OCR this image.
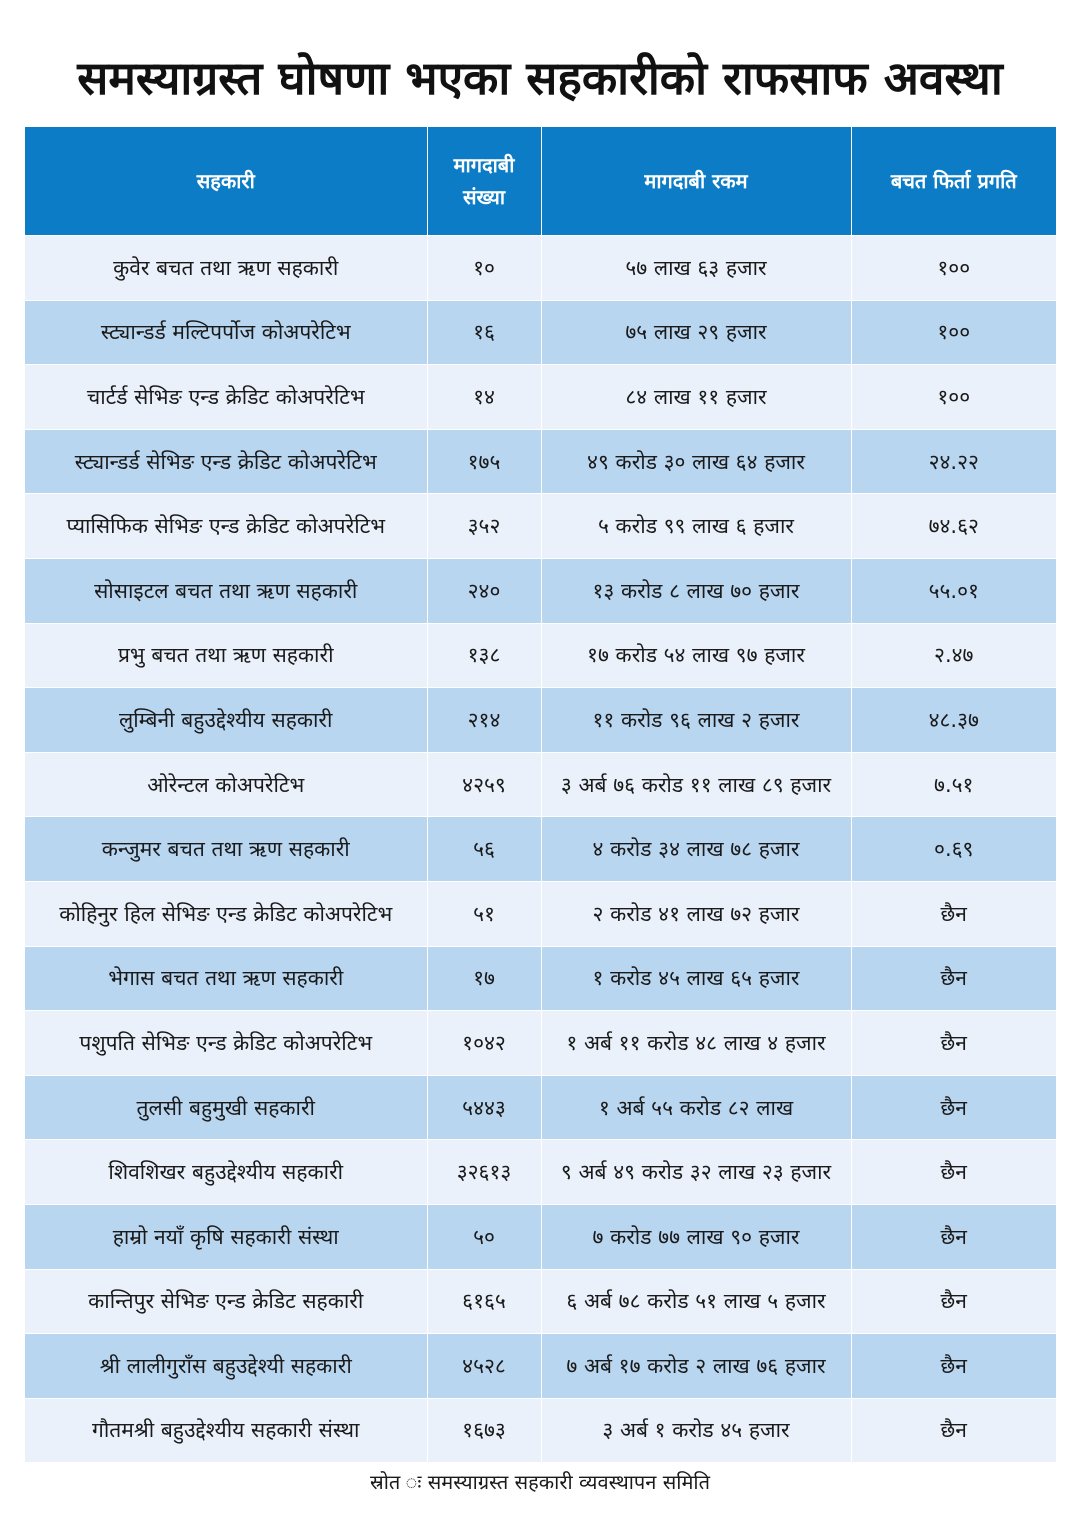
समस्याग्रस्त घोषणा भएका सहकारीको राफसाफ अवस्था
सहकारी	मागदाबी संख्या	मागदाबी रकम	बचत फिर्ता प्रगति
कुवेर बचत तथा ऋण सहकारी	१०	५७ लाख ६३ हजार	१००
स्ट्यान्डर्ड मल्टिपर्पोज कोअपरेटिभ	१६	७५ लाख २९ हजार	१००
चार्टर्ड सेभिङ एन्ड क्रेडिट कोअपरेटिभ	१४	८४ लाख ११ हजार	१००
स्ट्यान्डर्ड सेभिङ एन्ड क्रेडिट कोअपरेटिभ	१७५	४९ करोड ३० लाख ६४ हजार	२४.२२
प्यासिफिक सेभिङ एन्ड क्रेडिट कोअपरेटिभ	३५२	५ करोड ९९ लाख ६ हजार	७४.६२
सोसाइटल बचत तथा ऋण सहकारी	२४०	१३ करोड ८ लाख ७० हजार	५५.०१
प्रभु बचत तथा ऋण सहकारी	१३८	१७ करोड ५४ लाख ९७ हजार	२.४७
लुम्बिनी बहुउद्देश्यीय सहकारी	२१४	११ करोड ९६ लाख २ हजार	४८.३७
ओरेन्टल कोअपरेटिभ	४२५९	३ अर्ब ७६ करोड ११ लाख ८९ हजार	७.५१
कन्जुमर बचत तथा ऋण सहकारी	५६	४ करोड ३४ लाख ७८ हजार	०.६९
कोहिनुर हिल सेभिङ एन्ड क्रेडिट कोअपरेटिभ	५१	२ करोड ४१ लाख ७२ हजार	छैन
भेगास बचत तथा ऋण सहकारी	१७	१ करोड ४५ लाख ६५ हजार	छैन
पशुपति सेभिङ एन्ड क्रेडिट कोअपरेटिभ	१०४२	१ अर्ब ११ करोड ४८ लाख ४ हजार	छैन
तुलसी बहुमुखी सहकारी	५४४३	१ अर्ब ५५ करोड ८२ लाख	छैन
शिवशिखर बहुउद्देश्यीय सहकारी	३२६१३	९ अर्ब ४९ करोड ३२ लाख २३ हजार	छैन
हाम्रो नयाँ कृषि सहकारी संस्था	५०	७ करोड ७७ लाख ९० हजार	छैन
कान्तिपुर सेभिङ एन्ड क्रेडिट सहकारी	६१६५	६ अर्ब ७८ करोड ५१ लाख ५ हजार	छैन
श्री लालीगुराँस बहुउद्देश्यी सहकारी	४५२८	७ अर्ब १७ करोड २ लाख ७६ हजार	छैन
गौतमश्री बहुउद्देश्यीय सहकारी संस्था	१६७३	३ अर्ब १ करोड ४५ हजार	छैन
स्रोत ः समस्याग्रस्त सहकारी व्यवस्थापन समिति
